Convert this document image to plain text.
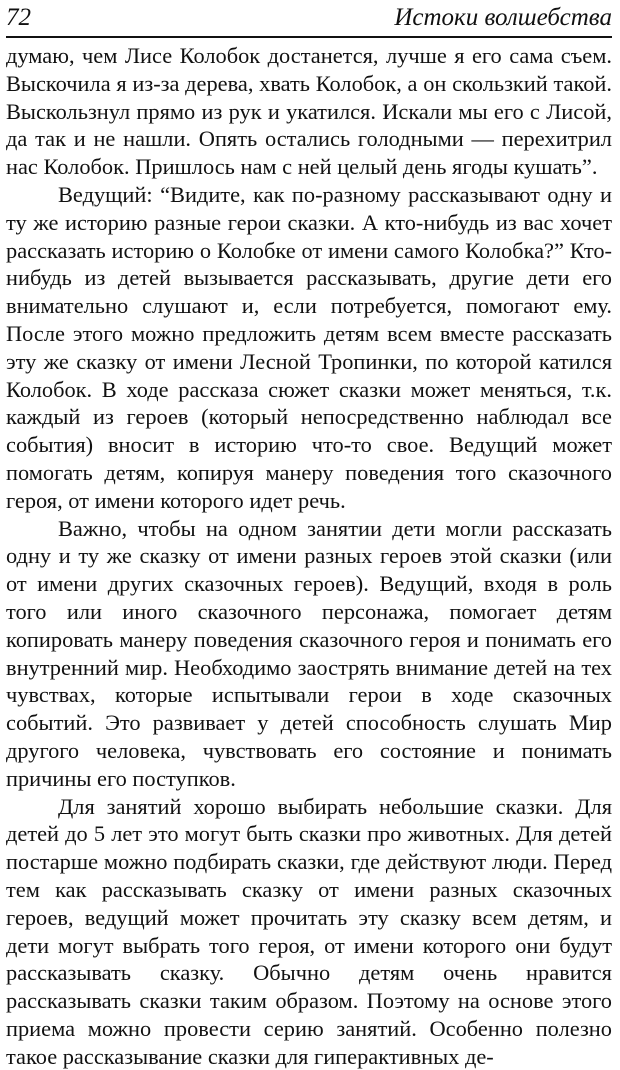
72	Истоки волшебства

думаю, чем Лисе Колобок достанется, лучше я его сама съем. Выскочила я из-за дерева, хвать Колобок, а он скользкий такой. Выскользнул прямо из рук и укатился. Искали мы его с Лисой, да так и не нашли. Опять остались голодными — перехитрил нас Колобок. Пришлось нам с ней целый день ягоды кушать”.

Ведущий: “Видите, как по-разному рассказывают одну и ту же историю разные герои сказки. А кто-нибудь из вас хочет рассказать историю о Колобке от имени самого Колобка?” Кто-нибудь из детей вызывается рассказывать, другие дети его внимательно слушают и, если потребуется, помогают ему. После этого можно предложить детям всем вместе рассказать эту же сказку от имени Лесной Тропинки, по которой катился Колобок. В ходе рассказа сюжет сказки может меняться, т.к. каждый из героев (который непосредственно наблюдал все события) вносит в историю что-то свое. Ведущий может помогать детям, копируя манеру поведения того сказочного героя, от имени которого идет речь.

Важно, чтобы на одном занятии дети могли рассказать одну и ту же сказку от имени разных героев этой сказки (или от имени других сказочных героев). Ведущий, входя в роль того или иного сказочного персонажа, помогает детям копировать манеру поведения сказочного героя и понимать его внутренний мир. Необходимо заострять внимание детей на тех чувствах, которые испытывали герои в ходе сказочных событий. Это развивает у детей способность слушать Мир другого человека, чувствовать его состояние и понимать причины его поступков.

Для занятий хорошо выбирать небольшие сказки. Для детей до 5 лет это могут быть сказки про животных. Для детей постарше можно подбирать сказки, где действуют люди. Перед тем как рассказывать сказку от имени разных сказочных героев, ведущий может прочитать эту сказку всем детям, и дети могут выбрать того героя, от имени которого они будут рассказывать сказку. Обычно детям очень нравится рассказывать сказки таким образом. Поэтому на основе этого приема можно провести серию занятий. Особенно полезно такое рассказывание сказки для гиперактивных де-
